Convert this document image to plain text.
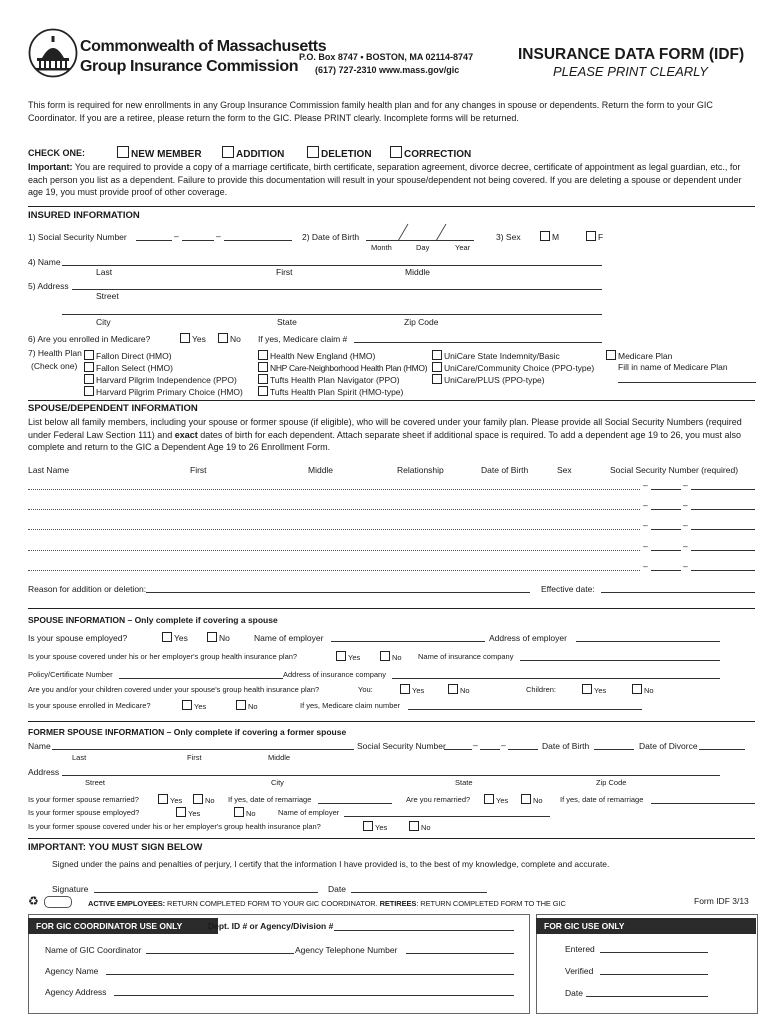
Commonwealth of Massachusetts
Group Insurance Commission
P.O. Box 8747 • BOSTON, MA 02114-8747
(617) 727-2310 www.mass.gov/gic
INSURANCE DATA FORM (IDF)
PLEASE PRINT CLEARLY
This form is required for new enrollments in any Group Insurance Commission family health plan and for any changes in spouse or dependents. Return the form to your GIC Coordinator. If you are a retiree, please return the form to the GIC. Please PRINT clearly. Incomplete forms will be returned.
CHECK ONE:	NEW MEMBER	ADDITION	DELETION	CORRECTION
Important: You are required to provide a copy of a marriage certificate, birth certificate, separation agreement, divorce decree, certificate of appointment as legal guardian, etc., for each person you list as a dependent. Failure to provide this documentation will result in your spouse/dependent not being covered. If you are deleting a spouse or dependent under age 19, you must provide proof of other coverage.
INSURED INFORMATION
1) Social Security Number	–	–	2) Date of Birth
Month	Day	Year
3) Sex	M	F
4) Name
Last	First	Middle
5) Address
Street
City	State	Zip Code
6) Are you enrolled in Medicare?	Yes	No If yes, Medicare claim #
7) Health Plan
(Check one)
Fallon Direct (HMO)
Fallon Select (HMO)
Harvard Pilgrim Independence (PPO)
Harvard Pilgrim Primary Choice (HMO)
Health New England (HMO)
NHP Care-Neighborhood Health Plan (HMO)
Tufts Health Plan Navigator (PPO)
Tufts Health Plan Spirit (HMO-type)
UniCare State Indemnity/Basic
UniCare/Community Choice (PPO-type)
UniCare/PLUS (PPO-type)
Medicare Plan
Fill in name of Medicare Plan
SPOUSE/DEPENDENT INFORMATION
List below all family members, including your spouse or former spouse (if eligible), who will be covered under your family plan. Please provide all Social Security Numbers (required under Federal Law Section 111) and exact dates of birth for each dependent. Attach separate sheet if additional space is required. To add a dependent age 19 to 26, you must also complete and return to the GIC a Dependent Age 19 to 26 Enrollment Form.
Last Name	First	Middle	Relationship	Date of Birth	Sex	Social Security Number (required)
–	–
–	–
–	–
–	–
–	–
Reason for addition or deletion:	Effective date:
SPOUSE INFORMATION – Only complete if covering a spouse
Is your spouse employed?	Yes	No	Name of employer	Address of employer
Is your spouse covered under his or her employer's group health insurance plan?	Yes	No Name of insurance company
Policy/Certificate Number	Address of insurance company
Are you and/or your children covered under your spouse's group health insurance plan?	You:	Yes	No	Children:	Yes	No
Is your spouse enrolled in Medicare?	Yes	No	If yes, Medicare claim number
FORMER SPOUSE INFORMATION – Only complete if covering a former spouse
Name	Social Security Number	–	–	Date of Birth	Date of Divorce
Last	First	Middle
Address
Street	City	State	Zip Code
Is your former spouse remarried?	Yes	No If yes, date of remarriage	Are you remarried?	Yes	No If yes, date of remarriage
Is your former spouse employed?	Yes	No	Name of employer
Is your former spouse covered under his or her employer's group health insurance plan?	Yes	No
IMPORTANT: YOU MUST SIGN BELOW
Signed under the pains and penalties of perjury, I certify that the information I have provided is, to the best of my knowledge, complete and accurate.
Signature	Date
♻	ACTIVE EMPLOYEES: RETURN COMPLETED FORM TO YOUR GIC COORDINATOR. RETIREES: RETURN COMPLETED FORM TO THE GIC	Form IDF 3/13
FOR GIC COORDINATOR USE ONLY	Dept. ID # or Agency/Division #
Name of GIC Coordinator	Agency Telephone Number
Agency Name
Agency Address
FOR GIC USE ONLY
Entered
Verified
Date
